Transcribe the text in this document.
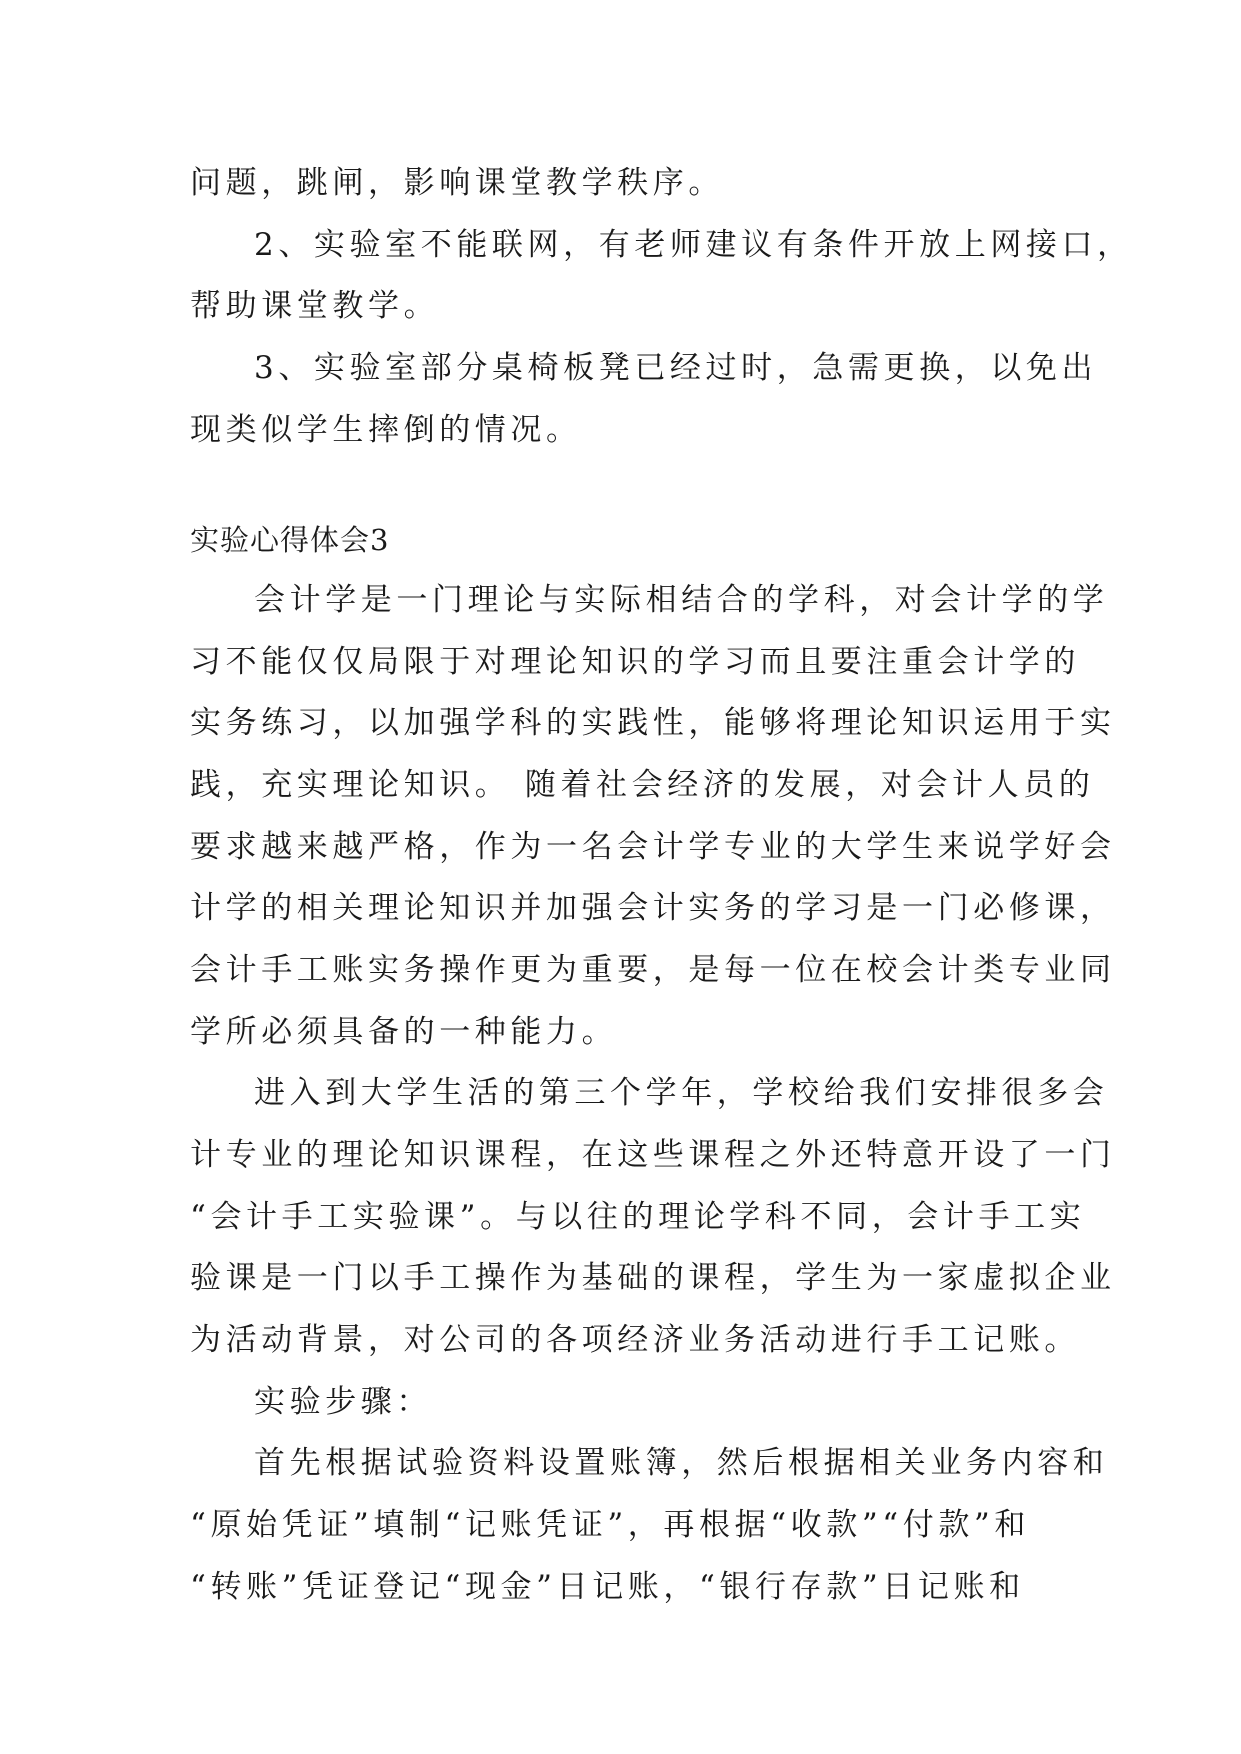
问题，跳闸，影响课堂教学秩序。
2、实验室不能联网，有老师建议有条件开放上网接口，
帮助课堂教学。
3、实验室部分桌椅板凳已经过时，急需更换，以免出
现类似学生摔倒的情况。
实验心得体会3
会计学是一门理论与实际相结合的学科，对会计学的学
习不能仅仅局限于对理论知识的学习而且要注重会计学的
实务练习，以加强学科的实践性，能够将理论知识运用于实
践，充实理论知识。 随着社会经济的发展，对会计人员的
要求越来越严格，作为一名会计学专业的大学生来说学好会
计学的相关理论知识并加强会计实务的学习是一门必修课，
会计手工账实务操作更为重要，是每一位在校会计类专业同
学所必须具备的一种能力。
进入到大学生活的第三个学年，学校给我们安排很多会
计专业的理论知识课程，在这些课程之外还特意开设了一门
“会计手工实验课”。与以往的理论学科不同，会计手工实
验课是一门以手工操作为基础的课程，学生为一家虚拟企业
为活动背景，对公司的各项经济业务活动进行手工记账。
实验步骤：
首先根据试验资料设置账簿，然后根据相关业务内容和
“原始凭证”填制“记账凭证”，再根据“收款”“付款”和
“转账”凭证登记“现金”日记账，“银行存款”日记账和
